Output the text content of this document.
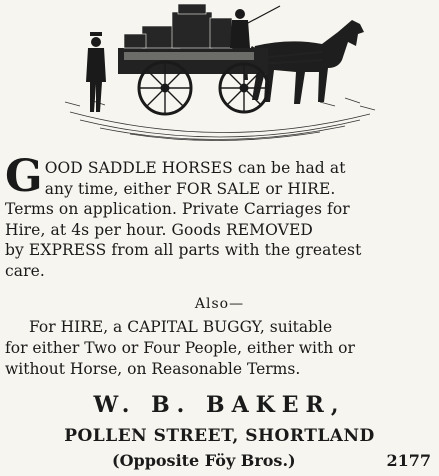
G OOD SADDLE HORSES can be had at
any time, either FOR SALE or HIRE.
Terms on application. Private Carriages for
Hire, at 4s per hour. Goods REMOVED
by EXPRESS from all parts with the greatest
care.
Also—
For HIRE, a CAPITAL BUGGY, suitable
for either Two or Four People, either with or
without Horse, on Reasonable Terms.
W. B. BAKER,
POLLEN STREET, SHORTLAND
(Opposite Föy Bros.)	2177
